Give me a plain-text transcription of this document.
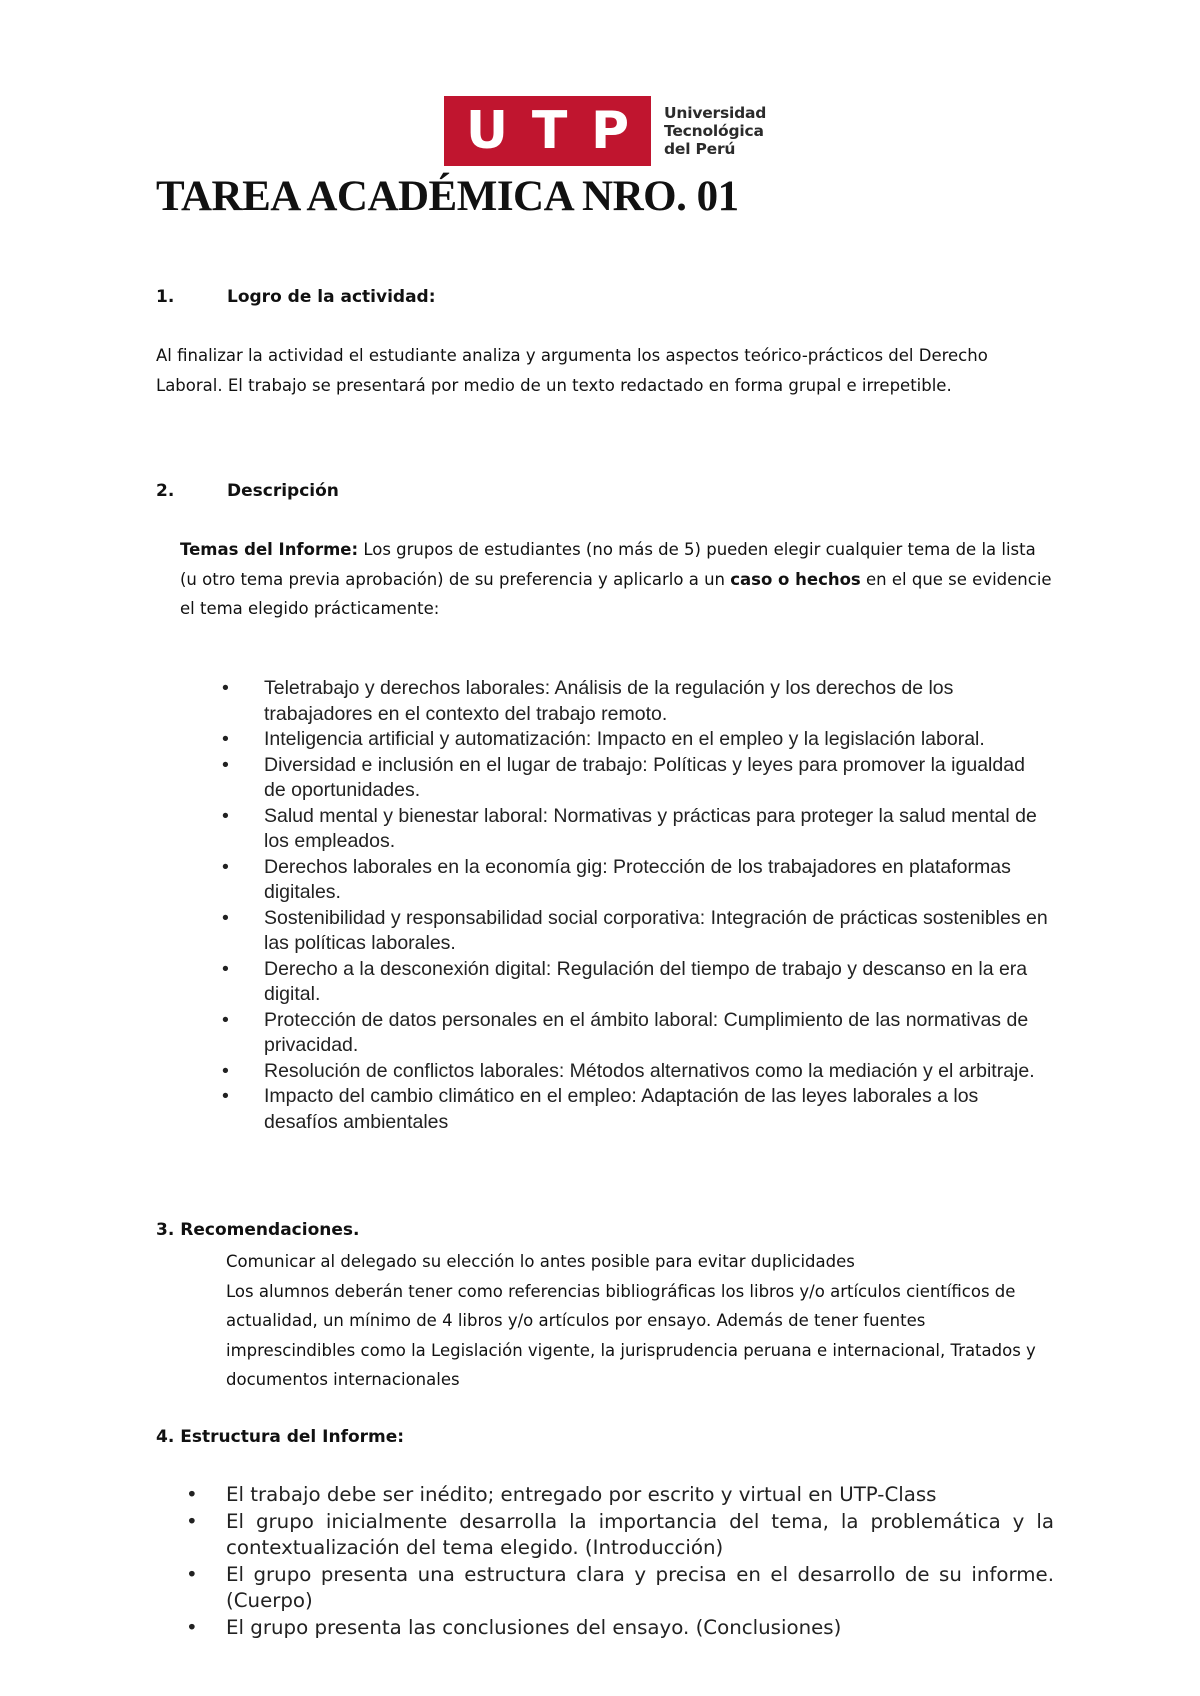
U T P Universidad
Tecnológica
del Perú
TAREA ACADÉMICA NRO. 01
1.	Logro de la actividad:
Al finalizar la actividad el estudiante analiza y argumenta los aspectos teórico-prácticos del Derecho Laboral. El trabajo se presentará por medio de un texto redactado en forma grupal e irrepetible.
2.	Descripción
Temas del Informe: Los grupos de estudiantes (no más de 5) pueden elegir cualquier tema de la lista (u otro tema previa aprobación) de su preferencia y aplicarlo a un caso o hechos en el que se evidencie el tema elegido prácticamente:
•	Teletrabajo y derechos laborales: Análisis de la regulación y los derechos de los trabajadores en el contexto del trabajo remoto.
•	Inteligencia artificial y automatización: Impacto en el empleo y la legislación laboral.
•	Diversidad e inclusión en el lugar de trabajo: Políticas y leyes para promover la igualdad de oportunidades.
•	Salud mental y bienestar laboral: Normativas y prácticas para proteger la salud mental de los empleados.
•	Derechos laborales en la economía gig: Protección de los trabajadores en plataformas digitales.
•	Sostenibilidad y responsabilidad social corporativa: Integración de prácticas sostenibles en las políticas laborales.
•	Derecho a la desconexión digital: Regulación del tiempo de trabajo y descanso en la era digital.
•	Protección de datos personales en el ámbito laboral: Cumplimiento de las normativas de privacidad.
•	Resolución de conflictos laborales: Métodos alternativos como la mediación y el arbitraje.
•	Impacto del cambio climático en el empleo: Adaptación de las leyes laborales a los desafíos ambientales
3. Recomendaciones.
Comunicar al delegado su elección lo antes posible para evitar duplicidades
Los alumnos deberán tener como referencias bibliográficas los libros y/o artículos científicos de actualidad, un mínimo de 4 libros y/o artículos por ensayo. Además de tener fuentes imprescindibles como la Legislación vigente, la jurisprudencia peruana e internacional, Tratados y documentos internacionales
4. Estructura del Informe:
• El trabajo debe ser inédito; entregado por escrito y virtual en UTP-Class
• El grupo inicialmente desarrolla la importancia del tema, la problemática y la contextualización del tema elegido. (Introducción)
• El grupo presenta una estructura clara y precisa en el desarrollo de su informe. (Cuerpo)
• El grupo presenta las conclusiones del ensayo. (Conclusiones)
